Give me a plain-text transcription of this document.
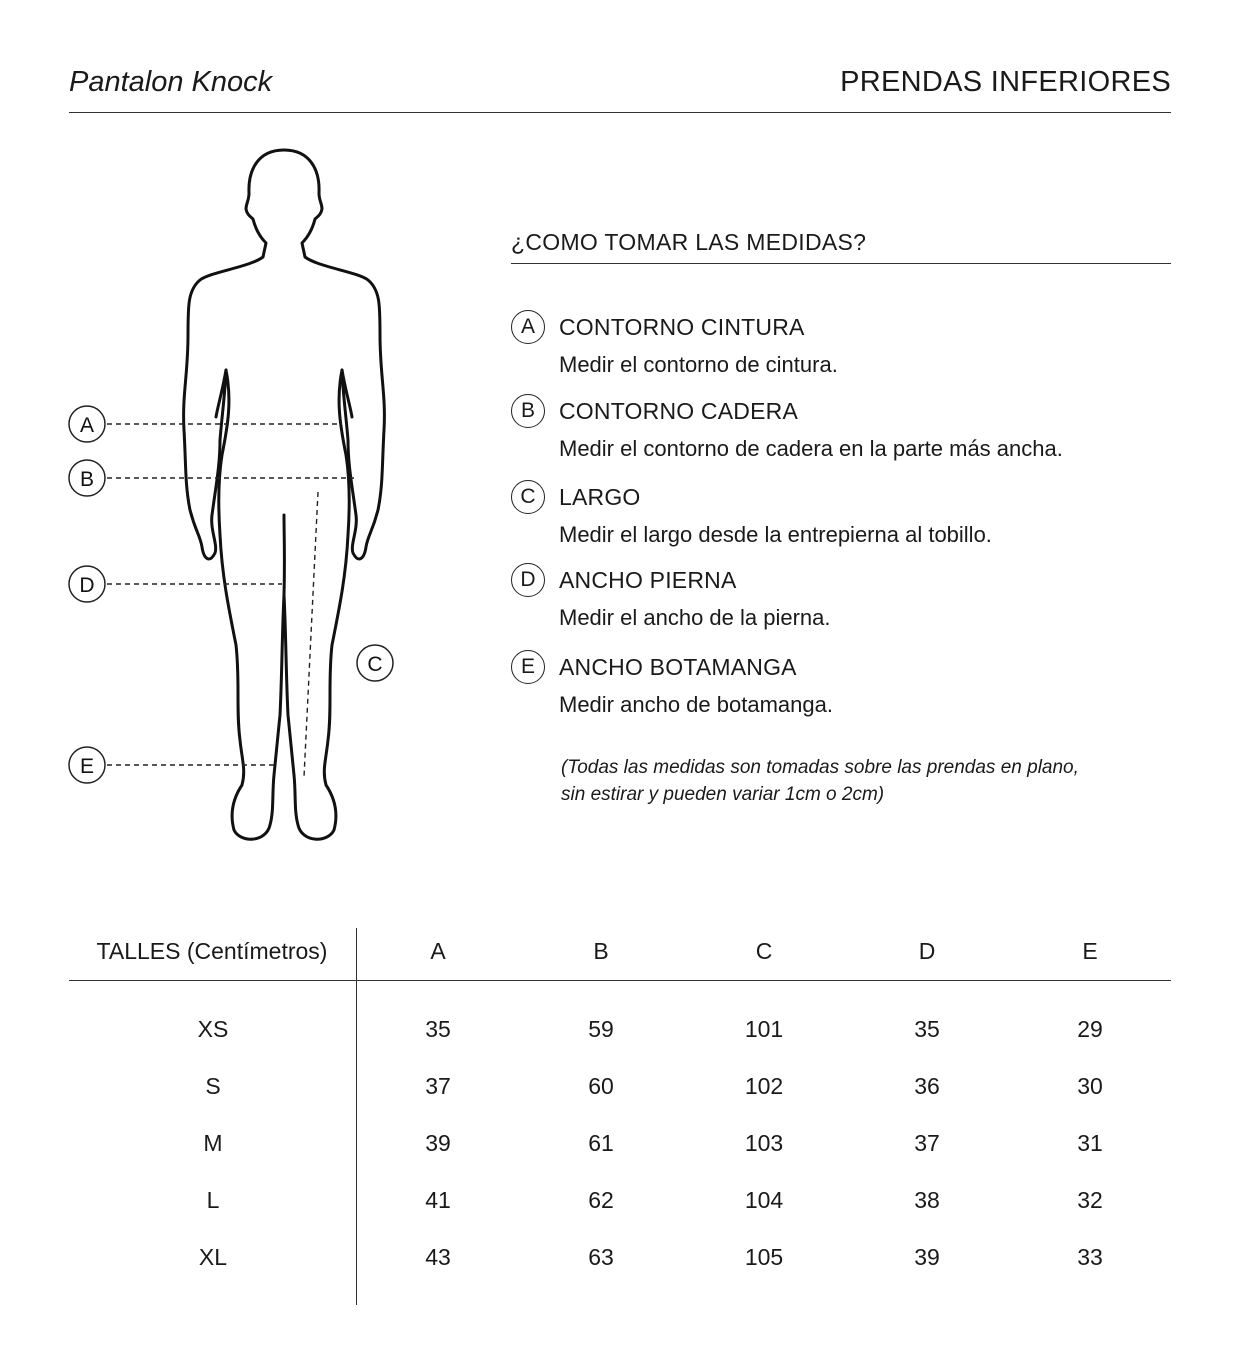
Pantalon Knock	PRENDAS INFERIORES
A
B
C
D
E
¿COMO TOMAR LAS MEDIDAS?
A	CONTORNO CINTURA
Medir el contorno de cintura.
B	CONTORNO CADERA
Medir el contorno de cadera en la parte más ancha.
C	LARGO
Medir el largo desde la entrepierna al tobillo.
D	ANCHO PIERNA
Medir el ancho de la pierna.
E	ANCHO BOTAMANGA
Medir ancho de botamanga.
(Todas las medidas son tomadas sobre las prendas en plano,
sin estirar y pueden variar 1cm o 2cm)
TALLES (Centímetros)	A	B	C	D	E
XS	35	59	101	35	29
S	37	60	102	36	30
M	39	61	103	37	31
L	41	62	104	38	32
XL	43	63	105	39	33
